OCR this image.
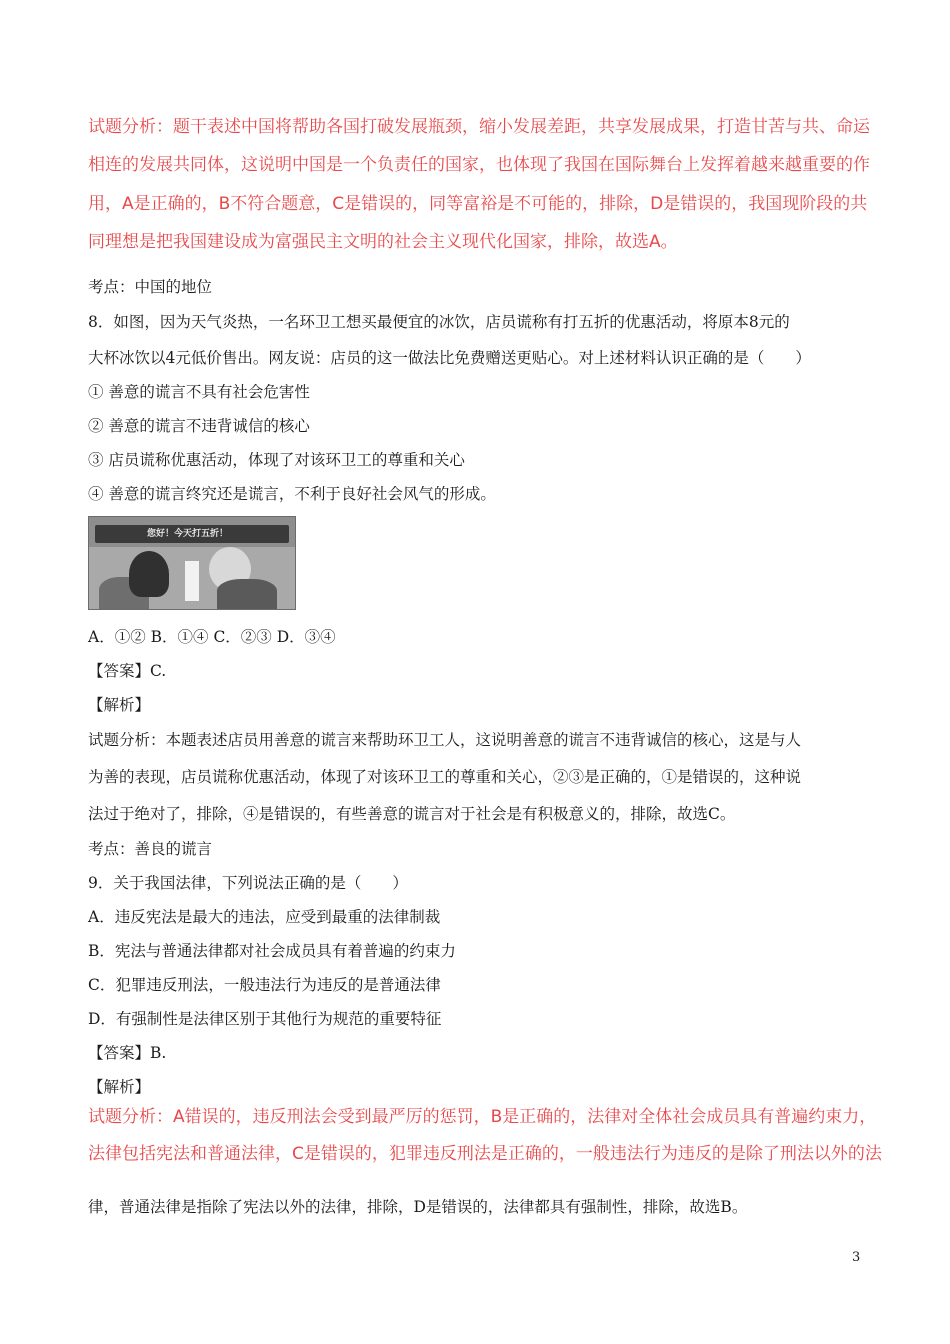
试题分析：题干表述中国将帮助各国打破发展瓶颈，缩小发展差距，共享发展成果，打造甘苦与共、命运
相连的发展共同体，这说明中国是一个负责任的国家，也体现了我国在国际舞台上发挥着越来越重要的作
用，A是正确的，B不符合题意，C是错误的，同等富裕是不可能的，排除，D是错误的，我国现阶段的共
同理想是把我国建设成为富强民主文明的社会主义现代化国家，排除，故选A。
考点：中国的地位
8．如图，因为天气炎热，一名环卫工想买最便宜的冰饮，店员谎称有打五折的优惠活动，将原本8元的
大杯冰饮以4元低价售出。网友说：店员的这一做法比免费赠送更贴心。对上述材料认识正确的是（　　）
① 善意的谎言不具有社会危害性
② 善意的谎言不违背诚信的核心
③ 店员谎称优惠活动，体现了对该环卫工的尊重和关心
④ 善意的谎言终究还是谎言，不利于良好社会风气的形成。
您好！今天打五折！
A．①② B．①④ C．②③ D．③④
【答案】C.
【解析】
试题分析：本题表述店员用善意的谎言来帮助环卫工人，这说明善意的谎言不违背诚信的核心，这是与人
为善的表现，店员谎称优惠活动，体现了对该环卫工的尊重和关心，②③是正确的，①是错误的，这种说
法过于绝对了，排除，④是错误的，有些善意的谎言对于社会是有积极意义的，排除，故选C。
考点：善良的谎言
9．关于我国法律，下列说法正确的是（　　）
A．违反宪法是最大的违法，应受到最重的法律制裁
B．宪法与普通法律都对社会成员具有着普遍的约束力
C．犯罪违反刑法，一般违法行为违反的是普通法律
D．有强制性是法律区别于其他行为规范的重要特征
【答案】B.
【解析】
试题分析：A错误的，违反刑法会受到最严厉的惩罚，B是正确的，法律对全体社会成员具有普遍约束力，
法律包括宪法和普通法律，C是错误的，犯罪违反刑法是正确的，一般违法行为违反的是除了刑法以外的法
律，普通法律是指除了宪法以外的法律，排除，D是错误的，法律都具有强制性，排除，故选B。
3
